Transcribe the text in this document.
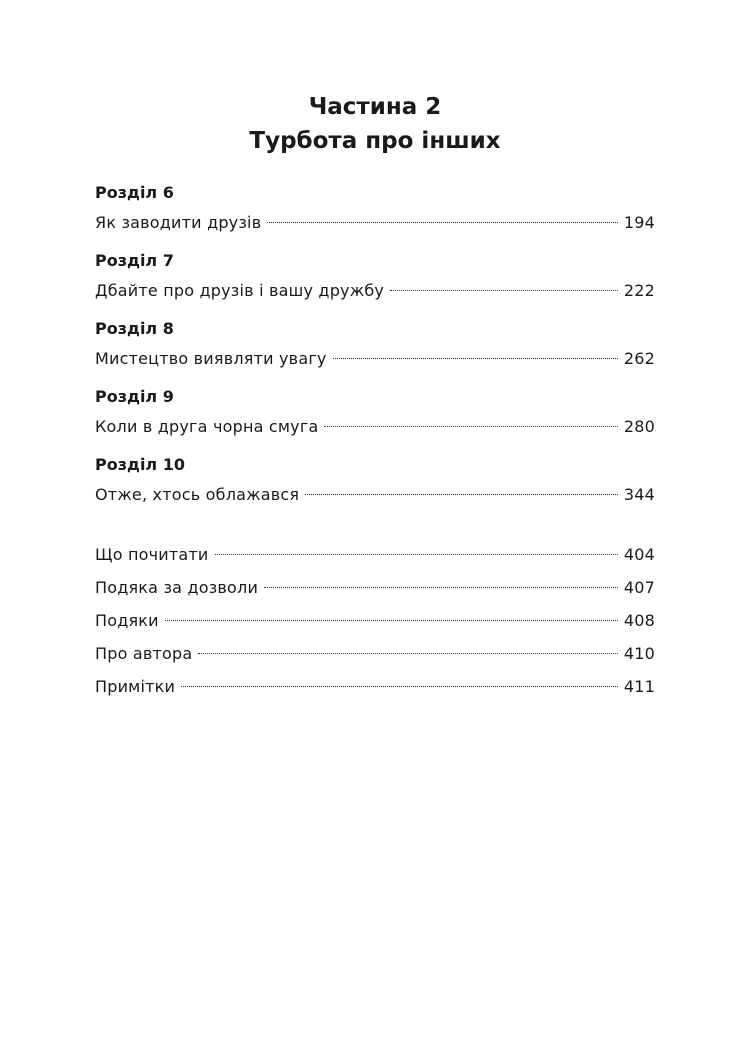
Частина 2
Турбота про інших
Розділ 6
Як заводити друзів	194
Розділ 7
Дбайте про друзів і вашу дружбу	222
Розділ 8
Мистецтво виявляти увагу	262
Розділ 9
Коли в друга чорна смуга	280
Розділ 10
Отже, хтось облажався	344
Що почитати	404
Подяка за дозволи	407
Подяки	408
Про автора	410
Примітки	411
